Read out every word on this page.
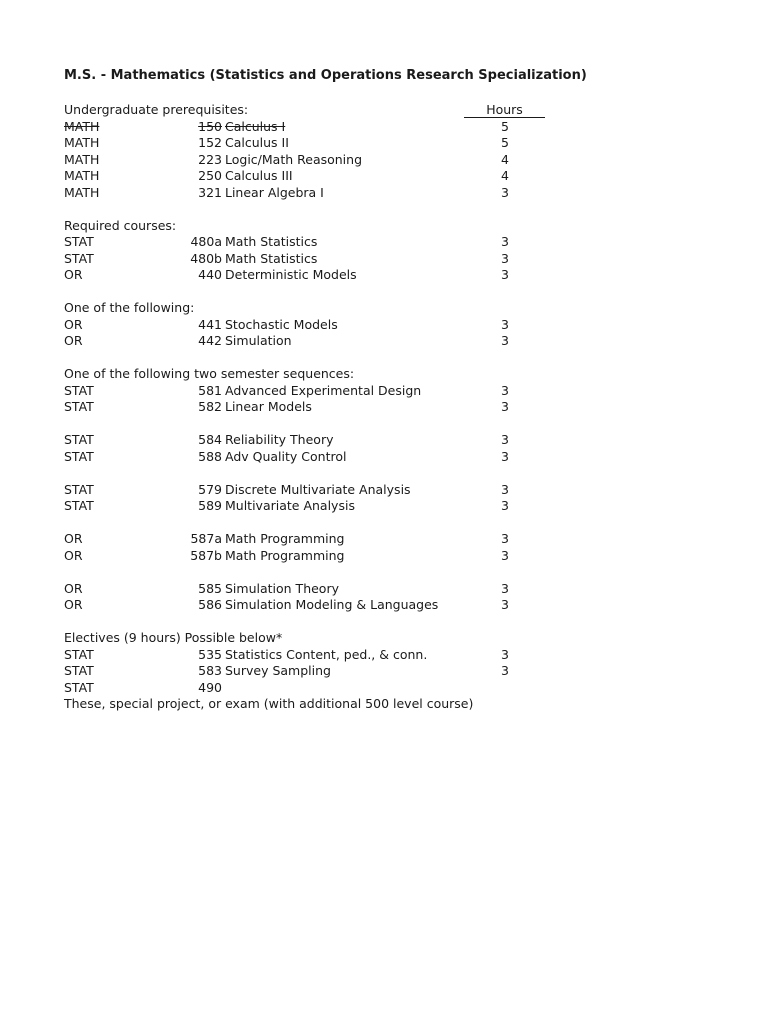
M.S. - Mathematics (Statistics and Operations Research Specialization)
Undergraduate prerequisites:	Hours
MATH	150 Calculus I	5
MATH	152 Calculus II	5
MATH	223 Logic/Math Reasoning	4
MATH	250 Calculus III	4
MATH	321 Linear Algebra I	3
Required courses:
STAT	480a Math Statistics	3
STAT	480b Math Statistics	3
OR	440 Deterministic Models	3
One of the following:
OR	441 Stochastic Models	3
OR	442 Simulation	3
One of the following two semester sequences:
STAT	581 Advanced Experimental Design	3
STAT	582 Linear Models	3
STAT	584 Reliability Theory	3
STAT	588 Adv Quality Control	3
STAT	579 Discrete Multivariate Analysis	3
STAT	589 Multivariate Analysis	3
OR	587a Math Programming	3
OR	587b Math Programming	3
OR	585 Simulation Theory	3
OR	586 Simulation Modeling & Languages	3
Electives (9 hours) Possible below*
STAT	535 Statistics Content, ped., & conn.	3
STAT	583 Survey Sampling	3
STAT	490
These, special project, or exam (with additional 500 level course)
